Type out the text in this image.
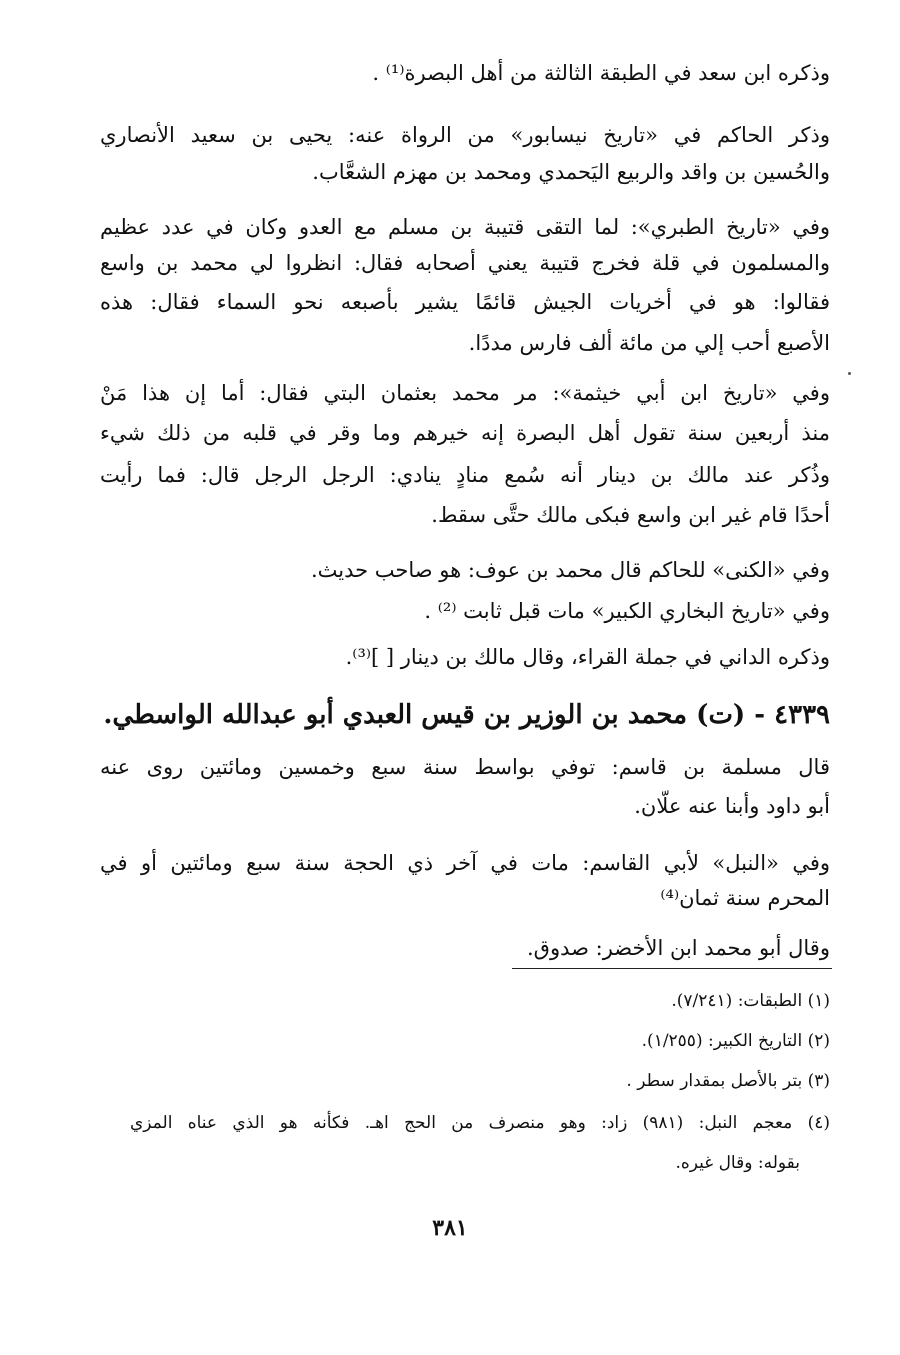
وذكره ابن سعد في الطبقة الثالثة من أهل البصرة⁽¹⁾ .
وذكر الحاكم في «تاريخ نيسابور» من الرواة عنه: يحيى بن سعيد الأنصاري
والحُسين بن واقد والربيع اليَحمدي ومحمد بن مهزم الشعَّاب.
وفي «تاريخ الطبري»: لما التقى قتيبة بن مسلم مع العدو وكان في عدد عظيم
والمسلمون في قلة فخرج قتيبة يعني أصحابه فقال: انظروا لي محمد بن واسع
فقالوا: هو في أخريات الجيش قائمًا يشير بأصبعه نحو السماء فقال: هذه
الأصبع أحب إلي من مائة ألف فارس مددًا.
وفي «تاريخ ابن أبي خيثمة»: مر محمد بعثمان البتي فقال: أما إن هذا مَنْ
منذ أربعين سنة تقول أهل البصرة إنه خيرهم وما وقر في قلبه من ذلك شيء
وذُكر عند مالك بن دينار أنه سُمع منادٍ ينادي: الرجل الرجل قال: فما رأيت
أحدًا قام غير ابن واسع فبكى مالك حتَّى سقط.
وفي «الكنى» للحاكم قال محمد بن عوف: هو صاحب حديث.
وفي «تاريخ البخاري الكبير» مات قبل ثابت ⁽²⁾ .
وذكره الداني في جملة القراء، وقال مالك بن دينار [ ]⁽³⁾.
٤٣٣٩ - (ت) محمد بن الوزير بن قيس العبدي أبو عبدالله الواسطي.
قال مسلمة بن قاسم: توفي بواسط سنة سبع وخمسين ومائتين روى عنه
أبو داود وأبنا عنه علّان.
وفي «النبل» لأبي القاسم: مات في آخر ذي الحجة سنة سبع ومائتين أو في
المحرم سنة ثمان⁽⁴⁾
وقال أبو محمد ابن الأخضر: صدوق.
(١) الطبقات: (٧/٢٤١).
(٢) التاريخ الكبير: (١/٢٥٥).
(٣) بتر بالأصل بمقدار سطر .
(٤) معجم النبل: (٩٨١) زاد: وهو منصرف من الحج اهـ. فكأنه هو الذي عناه المزي
بقوله: وقال غيره.
٣٨١
